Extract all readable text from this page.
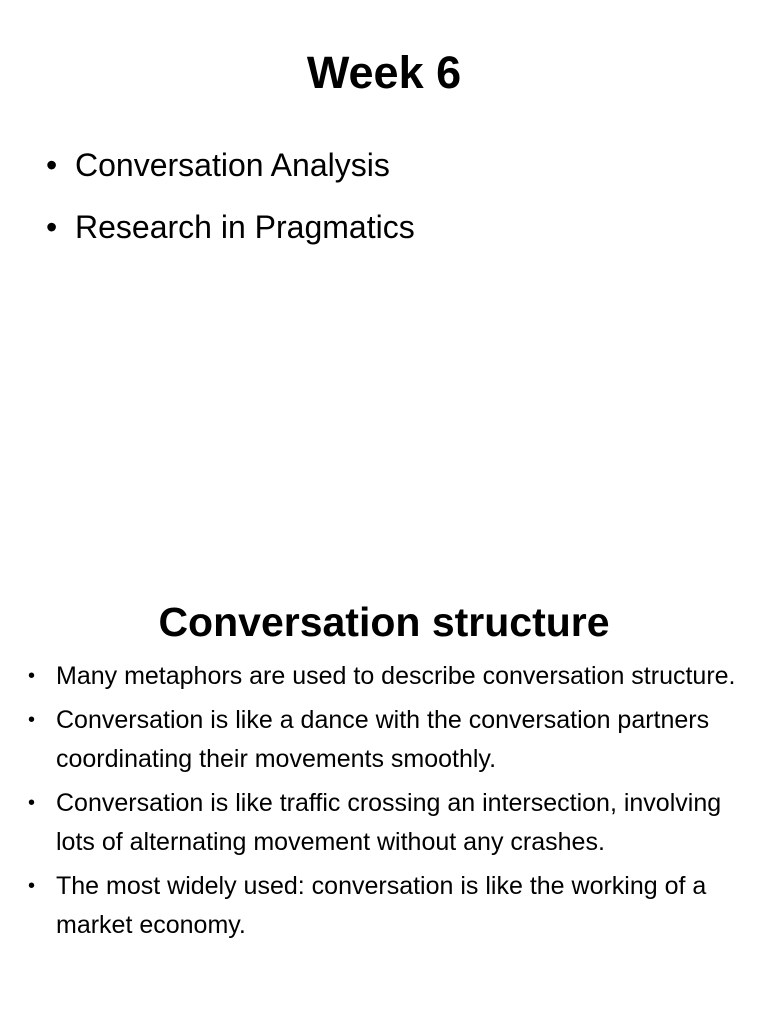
Week 6
• Conversation Analysis
• Research in Pragmatics
Conversation structure
• Many metaphors are used to describe conversation structure.
• Conversation is like a dance with the conversation partners coordinating their movements smoothly.
• Conversation is like traffic crossing an intersection, involving lots of alternating movement without any crashes.
• The most widely used: conversation is like the working of a market economy.
